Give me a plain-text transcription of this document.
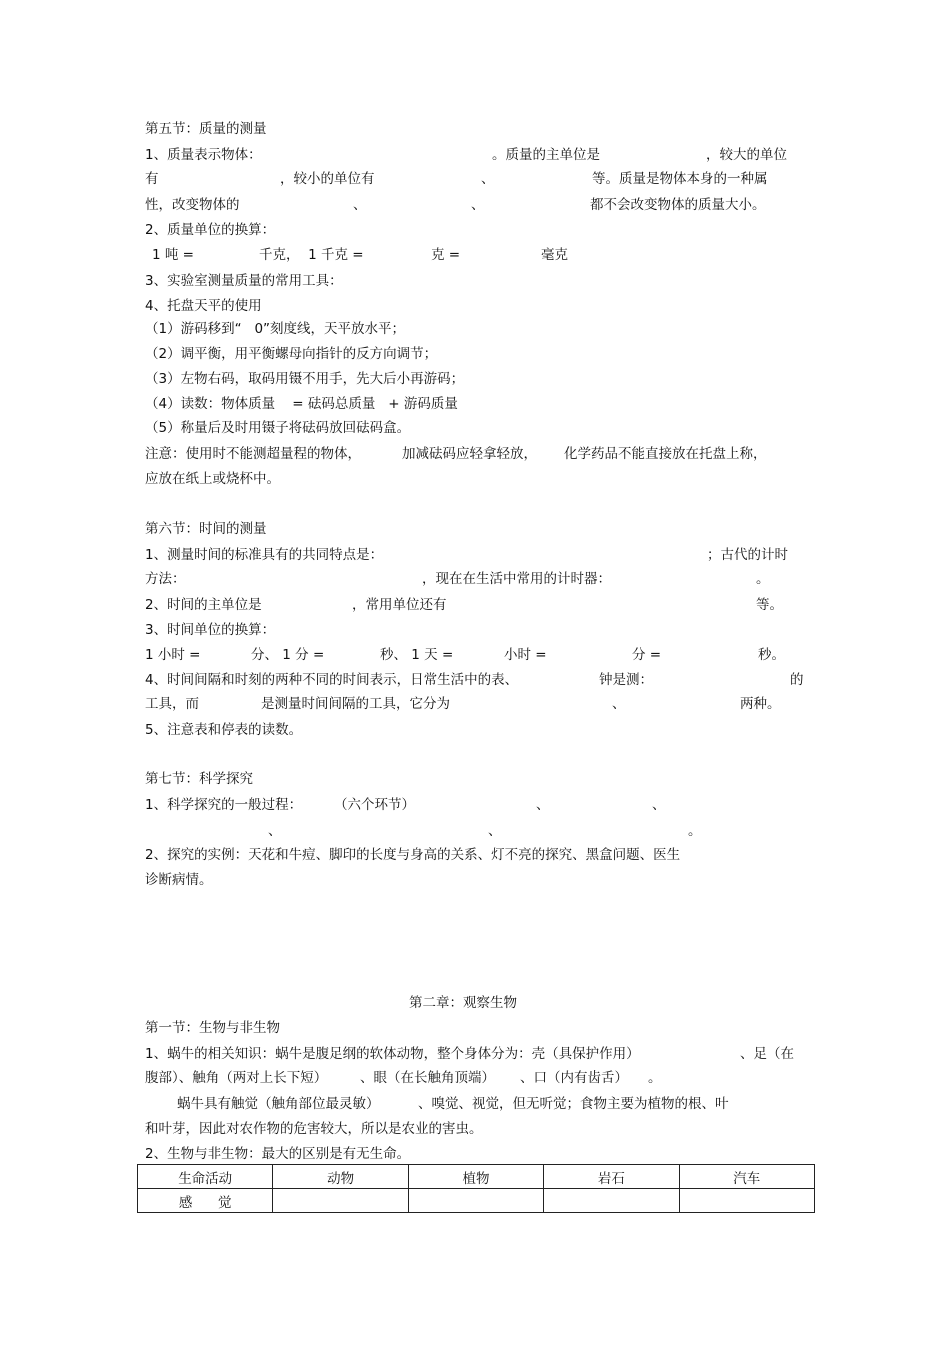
第五节：质量的测量
1、质量表示物体：	。质量的主单位是	，较大的单位
有	，较小的单位有	、	等。质量是物体本身的一种属
性，改变物体的	、	、	都不会改变物体的质量大小。
2、质量单位的换算：
1 吨 =	千克，  1 千克 =	克 =	毫克
3、实验室测量质量的常用工具：
4、托盘天平的使用
（1）游码移到“   0”刻度线，天平放水平；
（2）调平衡，用平衡螺母向指针的反方向调节；
（3）左物右码，取码用镊不用手，先大后小再游码；
（4）读数：物体质量    = 砝码总质量   + 游码质量
（5）称量后及时用镊子将砝码放回砝码盒。
注意：使用时不能测超量程的物体，	加减砝码应轻拿轻放， 化学药品不能直接放在托盘上称，
应放在纸上或烧杯中。
第六节：时间的测量
1、测量时间的标准具有的共同特点是：	；古代的计时
方法：	，现在在生活中常用的计时器：	。
2、时间的主单位是	，常用单位还有	等。
3、时间单位的换算：
1 小时 =	分、 1 分 =	秒、 1 天 =	小时 =	分 =	秒。
4、时间间隔和时刻的两种不同的时间表示，日常生活中的表、	钟是测：	的
工具，而	是测量时间间隔的工具，它分为	、	两种。
5、注意表和停表的读数。
第七节：科学探究
1、科学探究的一般过程： （六个环节）	、	、
、	、	。
2、探究的实例：天花和牛痘、脚印的长度与身高的关系、灯不亮的探究、黑盒问题、医生
诊断病情。
第二章：观察生物
第一节：生物与非生物
1、蜗牛的相关知识：蜗牛是腹足纲的软体动物，整个身体分为：壳（具保护作用）	、足（在
腹部）、触角（两对上长下短） 、眼（在长触角顶端） 、口（内有齿舌） 。
蜗牛具有触觉（触角部位最灵敏）	、嗅觉、视觉，但无听觉；食物主要为植物的根、叶
和叶芽，因此对农作物的危害较大，所以是农业的害虫。
2、生物与非生物：最大的区别是有无生命。
生命活动	动物	植物	岩石	汽车
感      觉				
